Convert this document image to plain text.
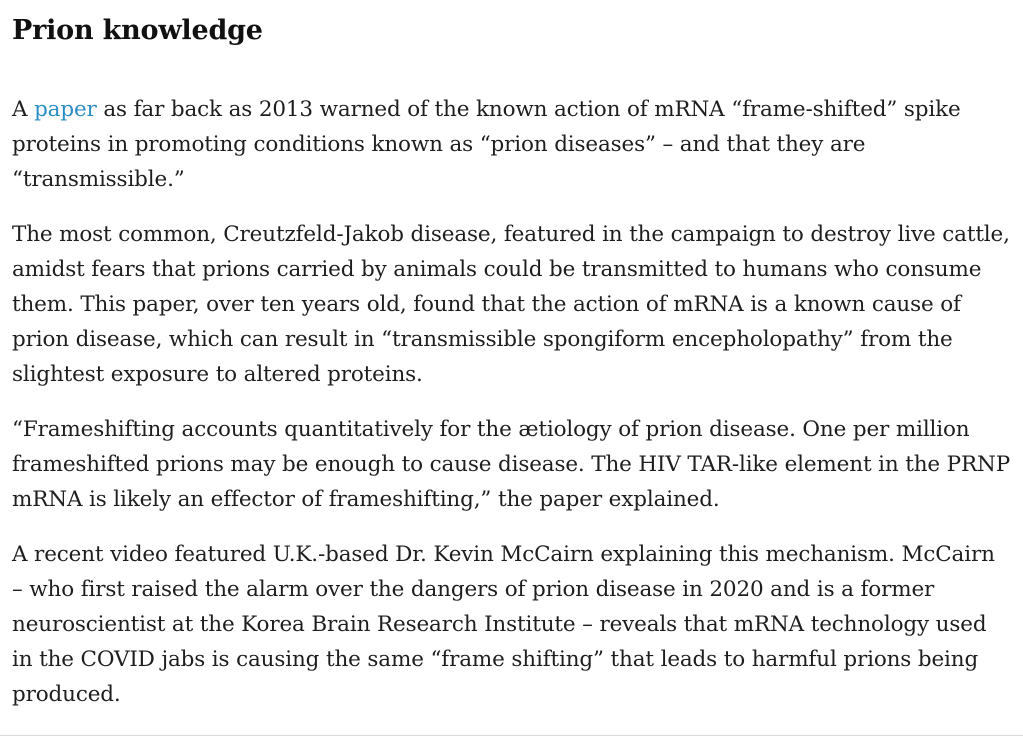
Prion knowledge

A paper as far back as 2013 warned of the known action of mRNA “frame-shifted” spike proteins in promoting conditions known as “prion diseases” – and that they are “transmissible.”

The most common, Creutzfeld-Jakob disease, featured in the campaign to destroy live cattle, amidst fears that prions carried by animals could be transmitted to humans who consume them. This paper, over ten years old, found that the action of mRNA is a known cause of prion disease, which can result in “transmissible spongiform encepholopathy” from the slightest exposure to altered proteins.

“Frameshifting accounts quantitatively for the ætiology of prion disease. One per million frameshifted prions may be enough to cause disease. The HIV TAR-like element in the PRNP mRNA is likely an effector of frameshifting,” the paper explained.

A recent video featured U.K.-based Dr. Kevin McCairn explaining this mechanism. McCairn – who first raised the alarm over the dangers of prion disease in 2020 and is a former neuroscientist at the Korea Brain Research Institute – reveals that mRNA technology used in the COVID jabs is causing the same “frame shifting” that leads to harmful prions being produced.
